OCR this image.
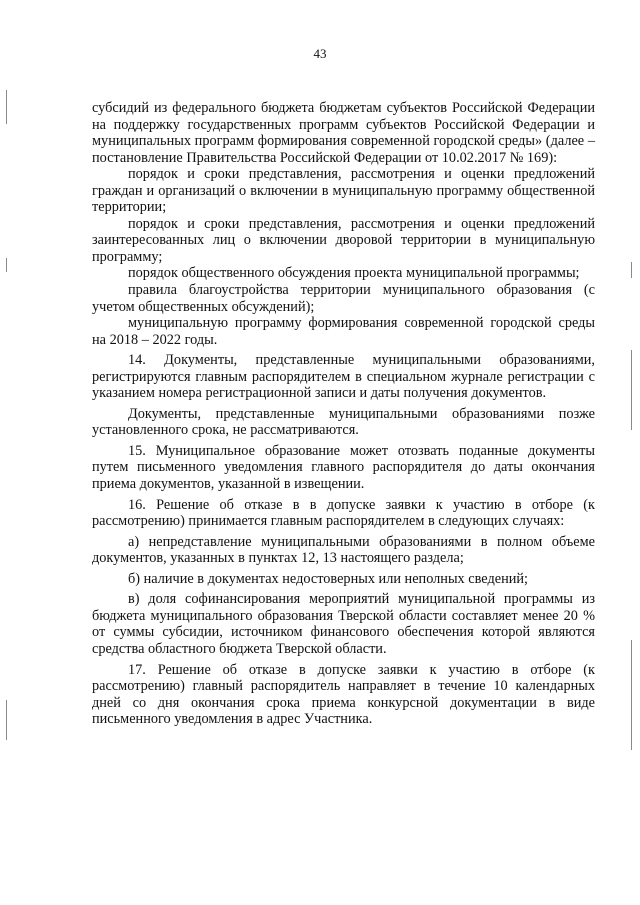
43

субсидий из федерального бюджета бюджетам субъектов Российской Федерации на поддержку государственных программ субъектов Российской Федерации и муниципальных программ формирования современной городской среды» (далее – постановление Правительства Российской Федерации от 10.02.2017 № 169):

порядок и сроки представления, рассмотрения и оценки предложений граждан и организаций о включении в муниципальную программу общественной территории;

порядок и сроки представления, рассмотрения и оценки предложений заинтересованных лиц о включении дворовой территории в муниципальную программу;

порядок общественного обсуждения проекта муниципальной программы;

правила благоустройства территории муниципального образования (с учетом общественных обсуждений);

муниципальную программу формирования современной городской среды на 2018 – 2022 годы.

14. Документы, представленные муниципальными образованиями, регистрируются главным распорядителем в специальном журнале регистрации с указанием номера регистрационной записи и даты получения документов.

Документы, представленные муниципальными образованиями позже установленного срока, не рассматриваются.

15. Муниципальное образование может отозвать поданные документы путем письменного уведомления главного распорядителя до даты окончания приема документов, указанной в извещении.

16. Решение об отказе в в допуске заявки к участию в отборе (к рассмотрению) принимается главным распорядителем в следующих случаях:

а) непредставление муниципальными образованиями в полном объеме документов, указанных в пунктах 12, 13 настоящего раздела;

б) наличие в документах недостоверных или неполных сведений;

в) доля софинансирования мероприятий муниципальной программы из бюджета муниципального образования Тверской области составляет менее 20 % от суммы субсидии, источником финансового обеспечения которой являются средства областного бюджета Тверской области.

17. Решение об отказе в допуске заявки к участию в отборе (к рассмотрению) главный распорядитель направляет в течение 10 календарных дней со дня окончания срока приема конкурсной документации в виде письменного уведомления в адрес Участника.
